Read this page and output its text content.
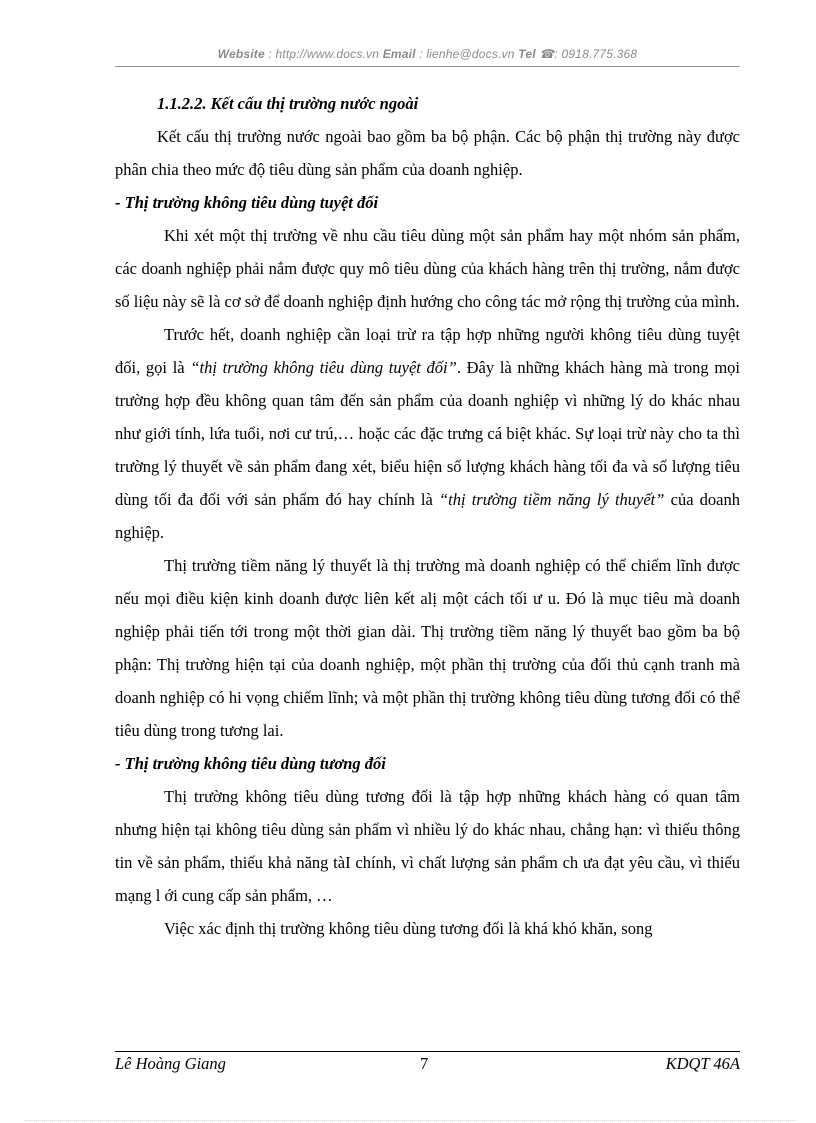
Website : http://www.docs.vn Email : lienhe@docs.vn Tel ☎: 0918.775.368

1.1.2.2. Kết cấu thị trường nước ngoài

Kết cấu thị trường nước ngoài bao gồm ba bộ phận. Các bộ phận thị trường này được phân chia theo mức độ tiêu dùng sản phẩm của doanh nghiệp.

- Thị trường không tiêu dùng tuyệt đối

Khi xét một thị trường về nhu cầu tiêu dùng một sản phẩm hay một nhóm sản phẩm, các doanh nghiệp phải nắm được quy mô tiêu dùng của khách hàng trên thị trường, nắm được số liệu này sẽ là cơ sở để doanh nghiệp định hướng cho công tác mở rộng thị trường của mình.

Trước hết, doanh nghiệp cần loại trừ ra tập hợp những người không tiêu dùng tuyệt đối, gọi là “thị trường không tiêu dùng tuyệt đối”. Đây là những khách hàng mà trong mọi trường hợp đều không quan tâm đến sản phẩm của doanh nghiệp vì những lý do khác nhau như giới tính, lứa tuổi, nơi cư trú,… hoặc các đặc trưng cá biệt khác. Sự loại trừ này cho ta thì trường lý thuyết về sản phẩm đang xét, biểu hiện số lượng khách hàng tối đa và số lượng tiêu dùng tối đa đối với sản phẩm đó hay chính là “thị trường tiềm năng lý thuyết” của doanh nghiệp.

Thị trường tiềm năng lý thuyết là thị trường mà doanh nghiệp có thể chiếm lĩnh được nếu mọi điều kiện kinh doanh được liên kết alị một cách tối ư u. Đó là mục tiêu mà doanh nghiệp phải tiến tới trong một thời gian dài. Thị trường tiềm năng lý thuyết bao gồm ba bộ phận: Thị trường hiện tại của doanh nghiệp, một phần thị trường của đối thủ cạnh tranh mà doanh nghiệp có hi vọng chiếm lĩnh; và một phần thị trường không tiêu dùng tương đối có thể tiêu dùng trong tương lai.

- Thị trường không tiêu dùng tương đối

Thị trường không tiêu dùng tương đối là tập hợp những khách hàng có quan tâm nhưng hiện tại không tiêu dùng sản phẩm vì nhiều lý do khác nhau, chẳng hạn: vì thiếu thông tin về sản phẩm, thiếu khả năng tàI chính, vì chất lượng sản phẩm ch ưa đạt yêu cầu, vì thiếu mạng l ới cung cấp sản phẩm, …

Việc xác định thị trường không tiêu dùng tương đối là khá khó khăn, song

Lê Hoàng Giang	7	KDQT 46A
